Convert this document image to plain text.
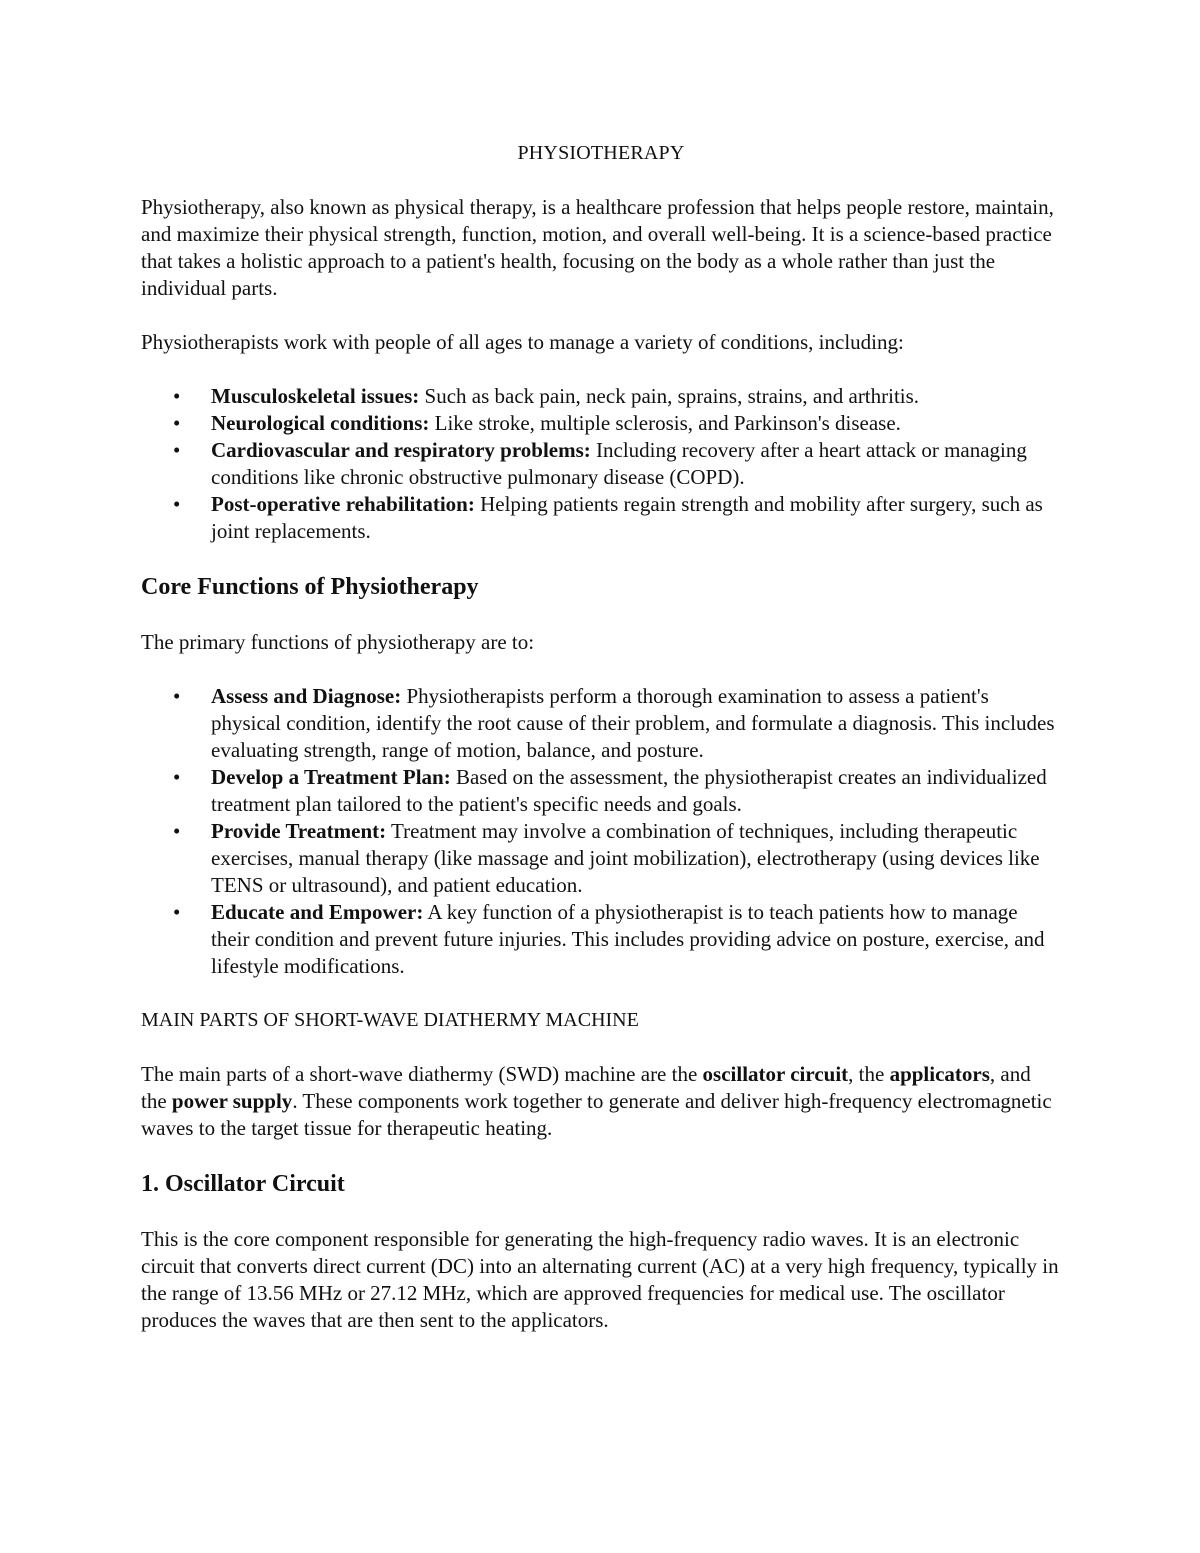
PHYSIOTHERAPY

Physiotherapy, also known as physical therapy, is a healthcare profession that helps people restore, maintain, and maximize their physical strength, function, motion, and overall well-being. It is a science-based practice that takes a holistic approach to a patient's health, focusing on the body as a whole rather than just the individual parts.

Physiotherapists work with people of all ages to manage a variety of conditions, including:

• Musculoskeletal issues: Such as back pain, neck pain, sprains, strains, and arthritis.
• Neurological conditions: Like stroke, multiple sclerosis, and Parkinson's disease.
• Cardiovascular and respiratory problems: Including recovery after a heart attack or managing conditions like chronic obstructive pulmonary disease (COPD).
• Post-operative rehabilitation: Helping patients regain strength and mobility after surgery, such as joint replacements.
Core Functions of Physiotherapy

The primary functions of physiotherapy are to:

• Assess and Diagnose: Physiotherapists perform a thorough examination to assess a patient's physical condition, identify the root cause of their problem, and formulate a diagnosis. This includes evaluating strength, range of motion, balance, and posture.
• Develop a Treatment Plan: Based on the assessment, the physiotherapist creates an individualized treatment plan tailored to the patient's specific needs and goals.
• Provide Treatment: Treatment may involve a combination of techniques, including therapeutic exercises, manual therapy (like massage and joint mobilization), electrotherapy (using devices like TENS or ultrasound), and patient education.
• Educate and Empower: A key function of a physiotherapist is to teach patients how to manage their condition and prevent future injuries. This includes providing advice on posture, exercise, and lifestyle modifications.
MAIN PARTS OF SHORT-WAVE DIATHERMY MACHINE

The main parts of a short-wave diathermy (SWD) machine are the oscillator circuit, the applicators, and the power supply. These components work together to generate and deliver high-frequency electromagnetic waves to the target tissue for therapeutic heating.

1. Oscillator Circuit

This is the core component responsible for generating the high-frequency radio waves. It is an electronic circuit that converts direct current (DC) into an alternating current (AC) at a very high frequency, typically in the range of 13.56 MHz or 27.12 MHz, which are approved frequencies for medical use. The oscillator produces the waves that are then sent to the applicators.
